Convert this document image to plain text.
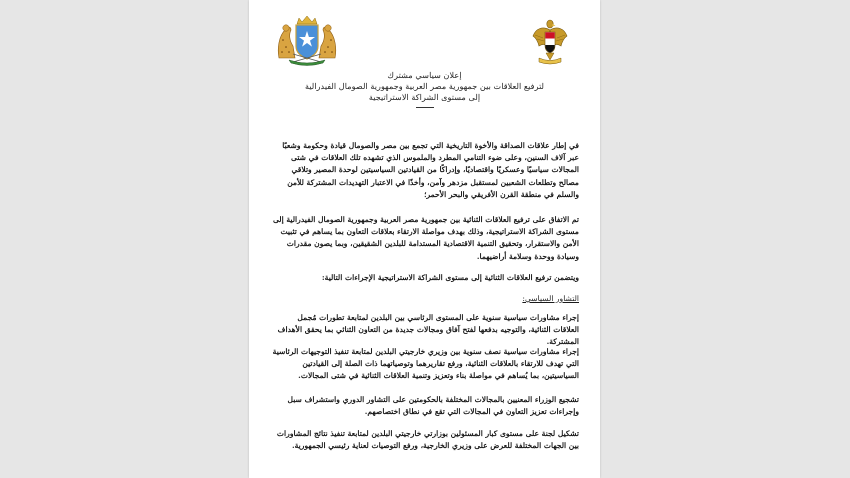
إعلان سياسي مشترك
لترفيع العلاقات بين جمهورية مصر العربية وجمهورية الصومال الفيدرالية
إلى مستوى الشراكة الاستراتيجية

في إطار علاقات الصداقة والأخوة التاريخية التي تجمع بين مصر والصومال قيادة وحكومة وشعبًا عبر آلاف السنين، وعلى ضوء التنامي المطرد والملموس الذي تشهده تلك العلاقات في شتى المجالات سياسيًا وعسكريًا واقتصاديًا، وإدراكًا من القيادتين السياسيتين لوحدة المصير وتلاقي مصالح وتطلعات الشعبين لمستقبل مزدهر وآمن، وأخذًا في الاعتبار التهديدات المشتركة للأمن والسلم في منطقة القرن الأفريقي والبحر الأحمر؛

تم الاتفاق على ترفيع العلاقات الثنائية بين جمهورية مصر العربية وجمهورية الصومال الفيدرالية إلى مستوى الشراكة الاستراتيجية، وذلك بهدف مواصلة الارتقاء بعلاقات التعاون بما يساهم في تثبيت الأمن والاستقرار، وتحقيق التنمية الاقتصادية المستدامة للبلدين الشقيقين، وبما يصون مقدرات وسيادة ووحدة وسلامة أراضيهما.

ويتضمن ترفيع العلاقات الثنائية إلى مستوى الشراكة الاستراتيجية الإجراءات التالية:

التشاور السياسي:

إجراء مشاورات سياسية سنوية على المستوى الرئاسي بين البلدين لمتابعة تطورات مُجمل العلاقات الثنائية، والتوجيه بدفعها لفتح آفاق ومجالات جديدة من التعاون الثنائي بما يحقق الأهداف المشتركة.

إجراء مشاورات سياسية نصف سنوية بين وزيري خارجيتي البلدين لمتابعة تنفيذ التوجيهات الرئاسية التي تهدف للارتقاء بالعلاقات الثنائية، ورفع تقاريرهما وتوصياتهما ذات الصلة إلى القيادتين السياسيتين، بما يُساهم في مواصلة بناء وتعزيز وتنمية العلاقات الثنائية في شتى المجالات.

تشجيع الوزراء المعنيين بالمجالات المختلفة بالحكومتين على التشاور الدوري واستشراف سبل وإجراءات تعزيز التعاون في المجالات التي تقع في نطاق اختصاصهم.

تشكيل لجنة على مستوى كبار المسئولين بوزارتي خارجيتي البلدين لمتابعة تنفيذ نتائج المشاورات بين الجهات المختلفة للعرض على وزيري الخارجية، ورفع التوصيات لعناية رئيسي الجمهورية.
